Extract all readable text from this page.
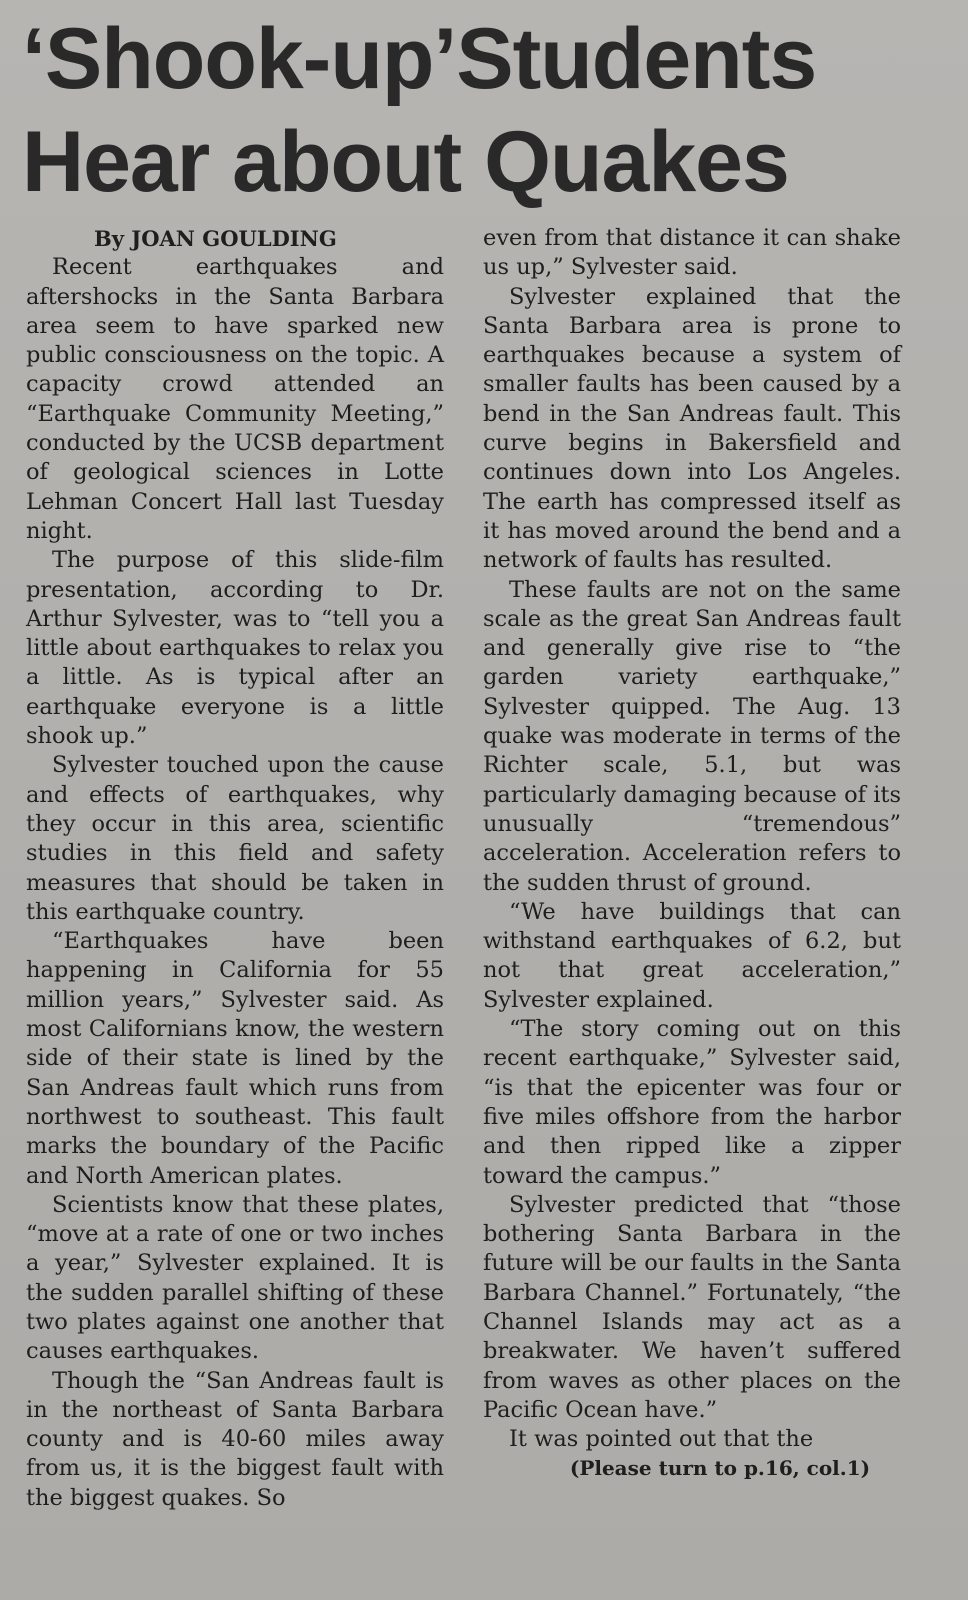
‘Shook-up’Students
Hear about Quakes

By JOAN GOULDING

Recent earthquakes and aftershocks in the Santa Barbara area seem to have sparked new public consciousness on the topic. A capacity crowd attended an “Earthquake Community Meeting,” conducted by the UCSB department of geological sciences in Lotte Lehman Concert Hall last Tuesday night.

The purpose of this slide-film presentation, according to Dr. Arthur Sylvester, was to “tell you a little about earthquakes to relax you a little. As is typical after an earthquake everyone is a little shook up.”

Sylvester touched upon the cause and effects of earthquakes, why they occur in this area, scientific studies in this field and safety measures that should be taken in this earthquake country.

“Earthquakes have been happening in California for 55 million years,” Sylvester said. As most Californians know, the western side of their state is lined by the San Andreas fault which runs from northwest to southeast. This fault marks the boundary of the Pacific and North American plates.

Scientists know that these plates, “move at a rate of one or two inches a year,” Sylvester explained. It is the sudden parallel shifting of these two plates against one another that causes earthquakes.

Though the “San Andreas fault is in the northeast of Santa Barbara county and is 40-60 miles away from us, it is the biggest fault with the biggest quakes. So

even from that distance it can shake us up,” Sylvester said.

Sylvester explained that the Santa Barbara area is prone to earthquakes because a system of smaller faults has been caused by a bend in the San Andreas fault. This curve begins in Bakersfield and continues down into Los Angeles. The earth has compressed itself as it has moved around the bend and a network of faults has resulted.

These faults are not on the same scale as the great San Andreas fault and generally give rise to “the garden variety earthquake,” Sylvester quipped. The Aug. 13 quake was moderate in terms of the Richter scale, 5.1, but was particularly damaging because of its unusually “tremendous” acceleration. Acceleration refers to the sudden thrust of ground.

“We have buildings that can withstand earthquakes of 6.2, but not that great acceleration,” Sylvester explained.

“The story coming out on this recent earthquake,” Sylvester said, “is that the epicenter was four or five miles offshore from the harbor and then ripped like a zipper toward the campus.”

Sylvester predicted that “those bothering Santa Barbara in the future will be our faults in the Santa Barbara Channel.” Fortunately, “the Channel Islands may act as a breakwater. We haven’t suffered from waves as other places on the Pacific Ocean have.”

It was pointed out that the

(Please turn to p.16, col.1)
